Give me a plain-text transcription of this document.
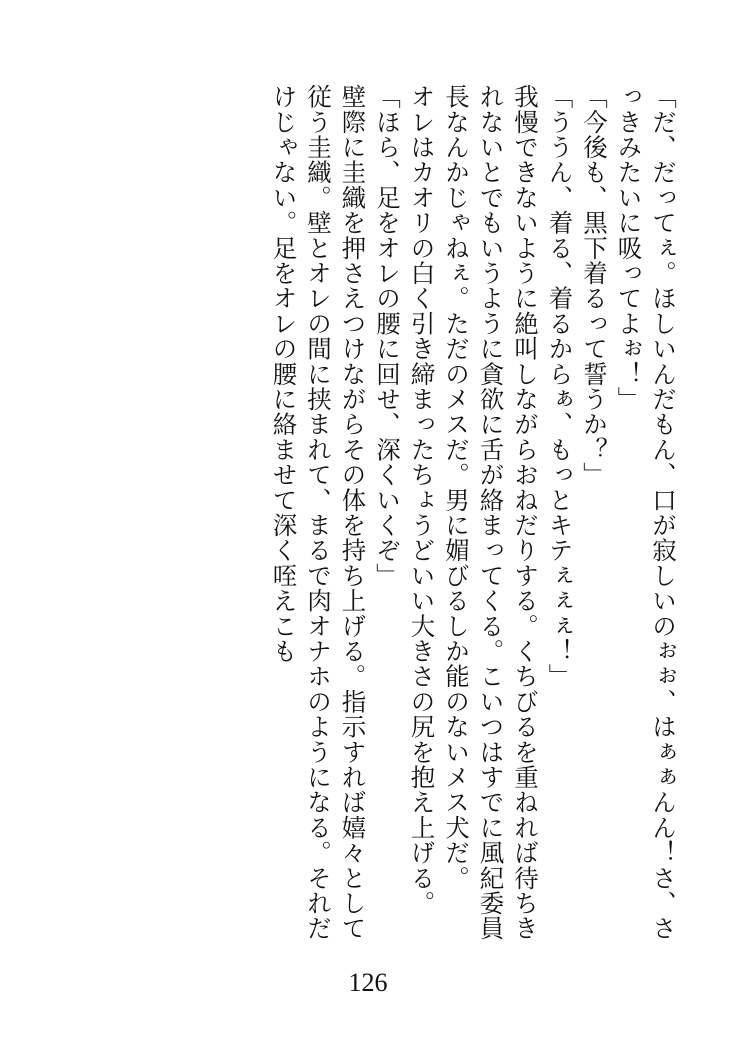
「だ、だってぇ。ほしいんだもん、口が寂しいのぉぉ、はぁぁんん！さ、さっきみたいに吸ってよぉ！」

「今後も、黒下着るって誓うか？」

「ううん、着る、着るからぁ、もっとキテぇぇぇ！」

我慢できないように絶叫しながらおねだりする。くちびるを重ねれば待ちきれないとでもいうように貪欲に舌が絡まってくる。こいつはすでに風紀委員長なんかじゃねぇ。ただのメスだ。男に媚びるしか能のないメス犬だ。

オレはカオリの白く引き締まったちょうどいい大きさの尻を抱え上げる。

「ほら、足をオレの腰に回せ、深くいくぞ」

壁際に圭織を押さえつけながらその体を持ち上げる。指示すれば嬉々として従う圭織。壁とオレの間に挟まれて、まるで肉オナホのようになる。それだけじゃない。足をオレの腰に絡ませて深く咥えこも

126
